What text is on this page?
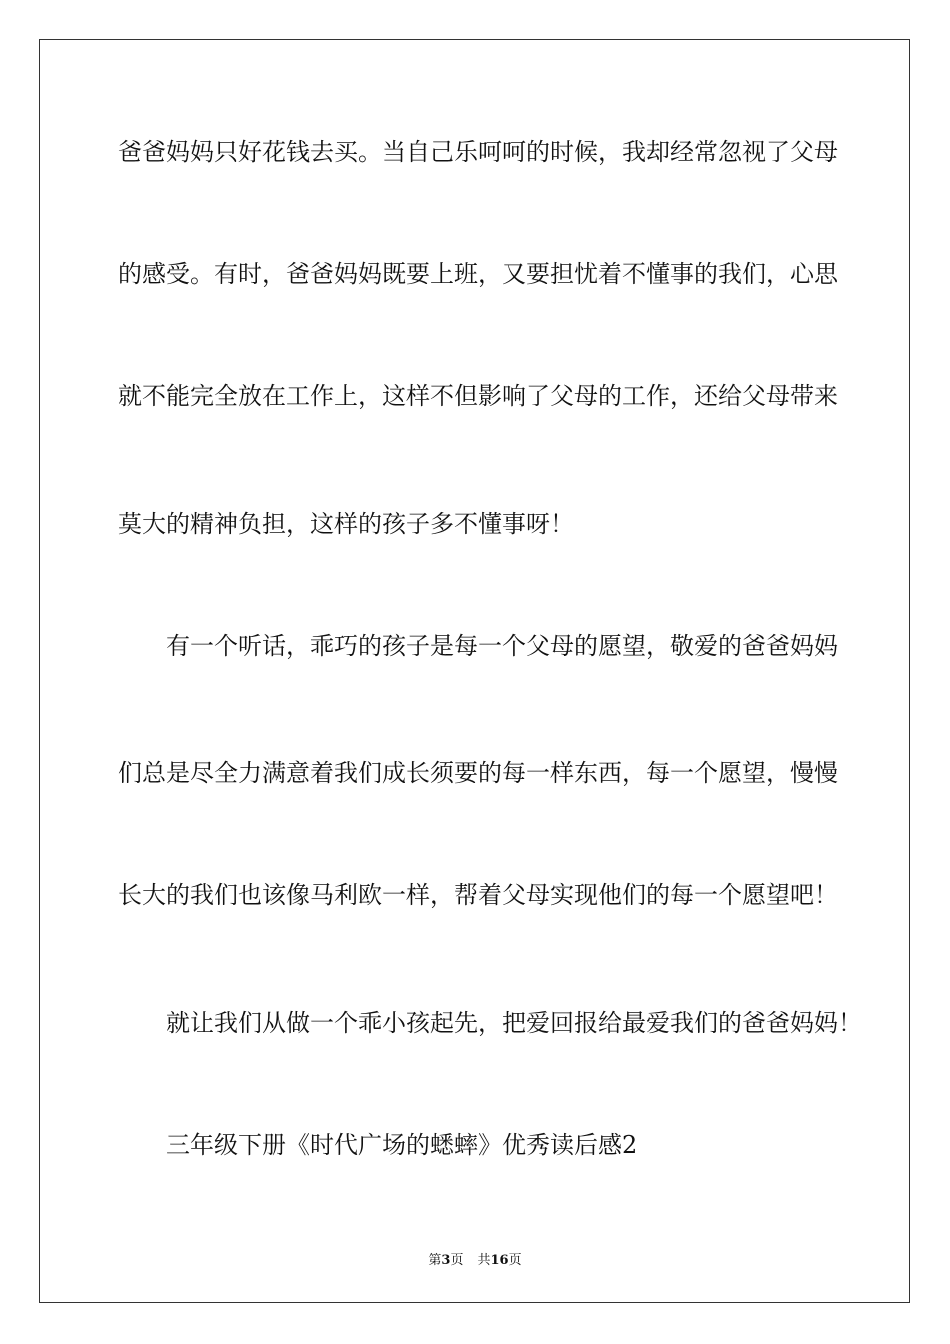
爸爸妈妈只好花钱去买。当自己乐呵呵的时候，我却经常忽视了父母
的感受。有时，爸爸妈妈既要上班，又要担忧着不懂事的我们，心思
就不能完全放在工作上，这样不但影响了父母的工作，还给父母带来
莫大的精神负担，这样的孩子多不懂事呀！
有一个听话，乖巧的孩子是每一个父母的愿望，敬爱的爸爸妈妈
们总是尽全力满意着我们成长须要的每一样东西，每一个愿望，慢慢
长大的我们也该像马利欧一样，帮着父母实现他们的每一个愿望吧！
就让我们从做一个乖小孩起先，把爱回报给最爱我们的爸爸妈妈！
三年级下册《时代广场的蟋蟀》优秀读后感2
第3页 共16页
